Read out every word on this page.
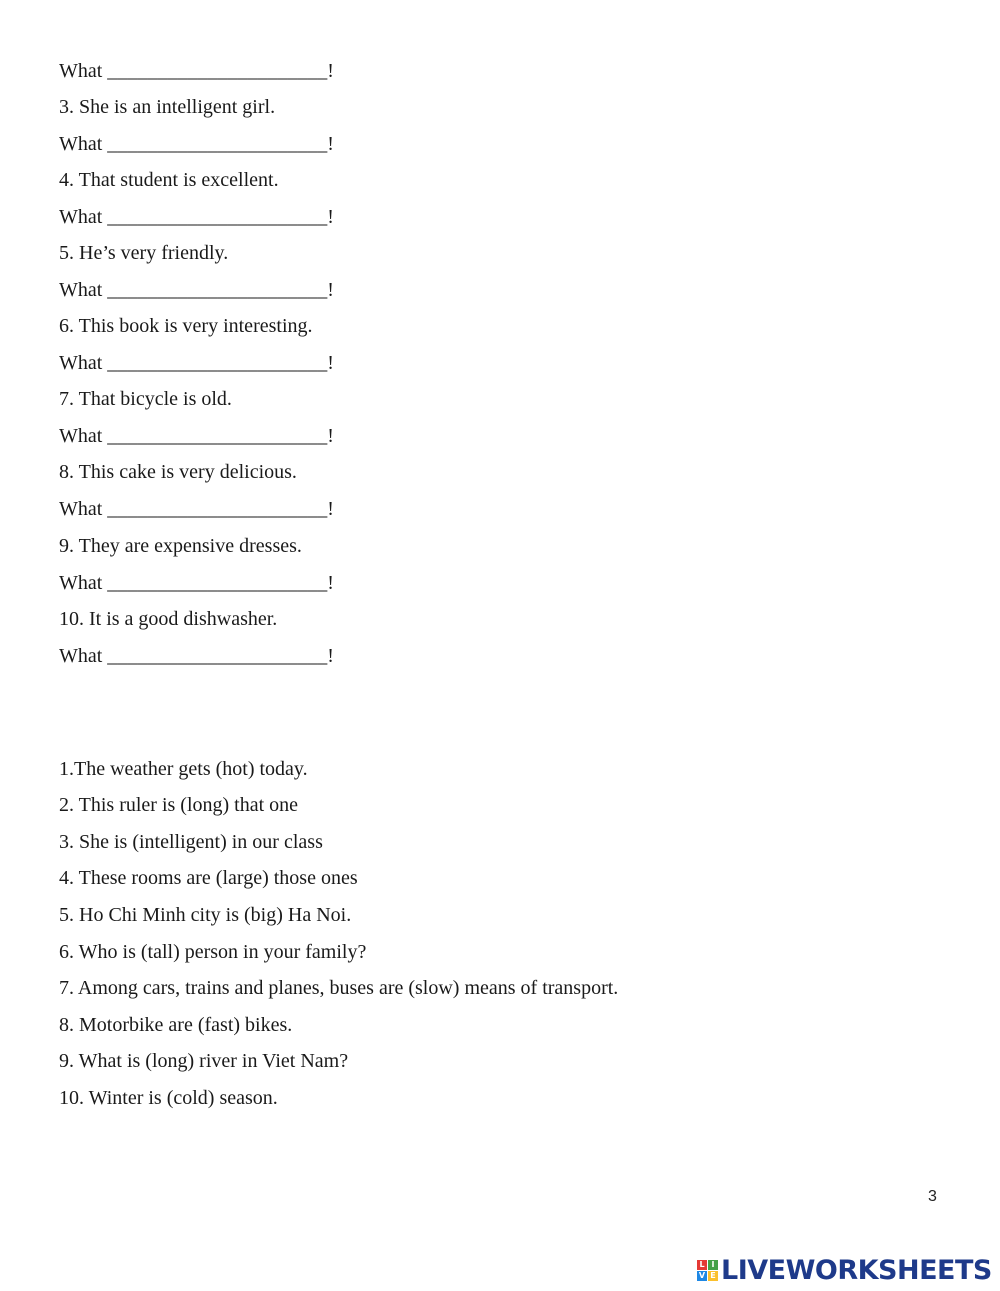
What ______________________!
3. She is an intelligent girl.
What ______________________!
4. That student is excellent.
What ______________________!
5. He’s very friendly.
What ______________________!
6. This book is very interesting.
What ______________________!
7. That bicycle is old.
What ______________________!
8. This cake is very delicious.
What ______________________!
9. They are expensive dresses.
What ______________________!
10. It is a good dishwasher.
What ______________________!
1.The weather gets (hot) today.
2. This ruler is (long) that one
3. She is (intelligent) in our class
4. These rooms are (large) those ones
5. Ho Chi Minh city is (big) Ha Noi.
6. Who is (tall) person in your family?
7. Among cars, trains and planes, buses are (slow) means of transport.
8. Motorbike are (fast) bikes.
9. What is (long) river in Viet Nam?
10. Winter is (cold) season.
3
L I
V E LIVEWORKSHEETS
